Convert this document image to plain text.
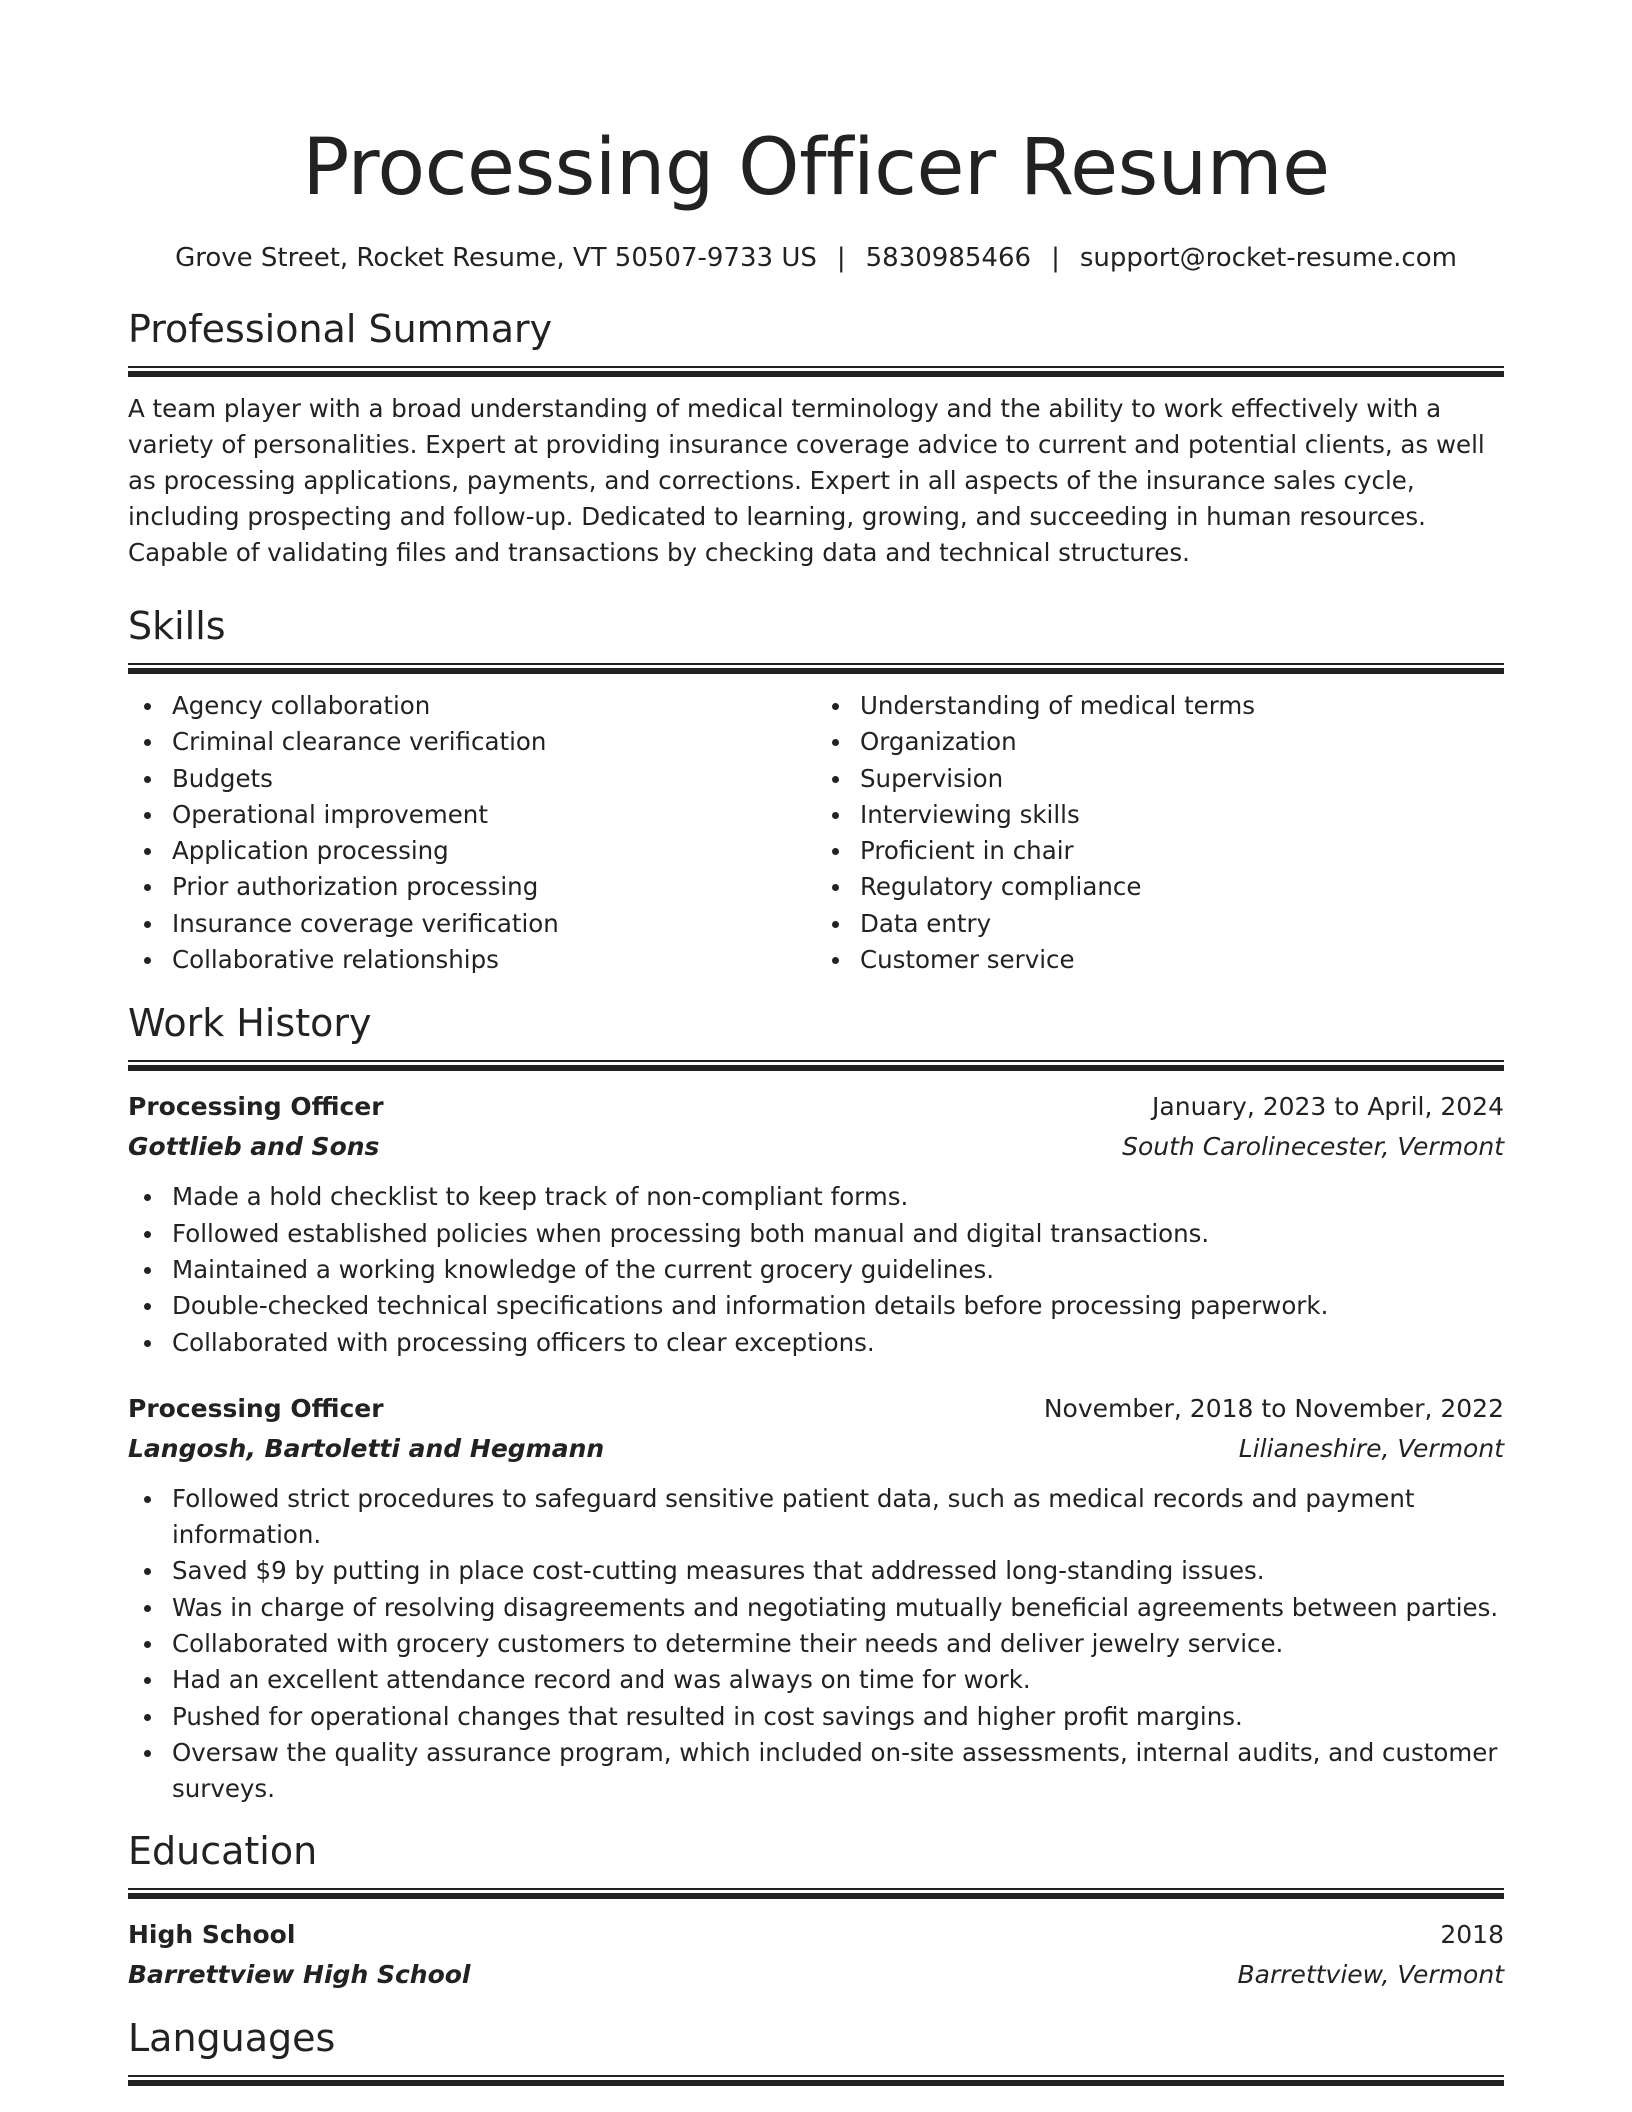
Processing Officer Resume
Grove Street, Rocket Resume, VT 50507-9733 US | 5830985466 | support@rocket-resume.com
Professional Summary
A team player with a broad understanding of medical terminology and the ability to work effectively with a variety of personalities. Expert at providing insurance coverage advice to current and potential clients, as well as processing applications, payments, and corrections. Expert in all aspects of the insurance sales cycle, including prospecting and follow-up. Dedicated to learning, growing, and succeeding in human resources. Capable of validating files and transactions by checking data and technical structures.
Skills
Agency collaboration
Criminal clearance verification
Budgets
Operational improvement
Application processing
Prior authorization processing
Insurance coverage verification
Collaborative relationships
Understanding of medical terms
Organization
Supervision
Interviewing skills
Proficient in chair
Regulatory compliance
Data entry
Customer service
Work History
Processing Officer	January, 2023 to April, 2024
Gottlieb and Sons	South Carolinecester, Vermont
Made a hold checklist to keep track of non-compliant forms.
Followed established policies when processing both manual and digital transactions.
Maintained a working knowledge of the current grocery guidelines.
Double-checked technical specifications and information details before processing paperwork.
Collaborated with processing officers to clear exceptions.
Processing Officer	November, 2018 to November, 2022
Langosh, Bartoletti and Hegmann	Lilianeshire, Vermont
Followed strict procedures to safeguard sensitive patient data, such as medical records and payment information.
Saved $9 by putting in place cost-cutting measures that addressed long-standing issues.
Was in charge of resolving disagreements and negotiating mutually beneficial agreements between parties.
Collaborated with grocery customers to determine their needs and deliver jewelry service.
Had an excellent attendance record and was always on time for work.
Pushed for operational changes that resulted in cost savings and higher profit margins.
Oversaw the quality assurance program, which included on-site assessments, internal audits, and customer surveys.
Education
High School	2018
Barrettview High School	Barrettview, Vermont
Languages
